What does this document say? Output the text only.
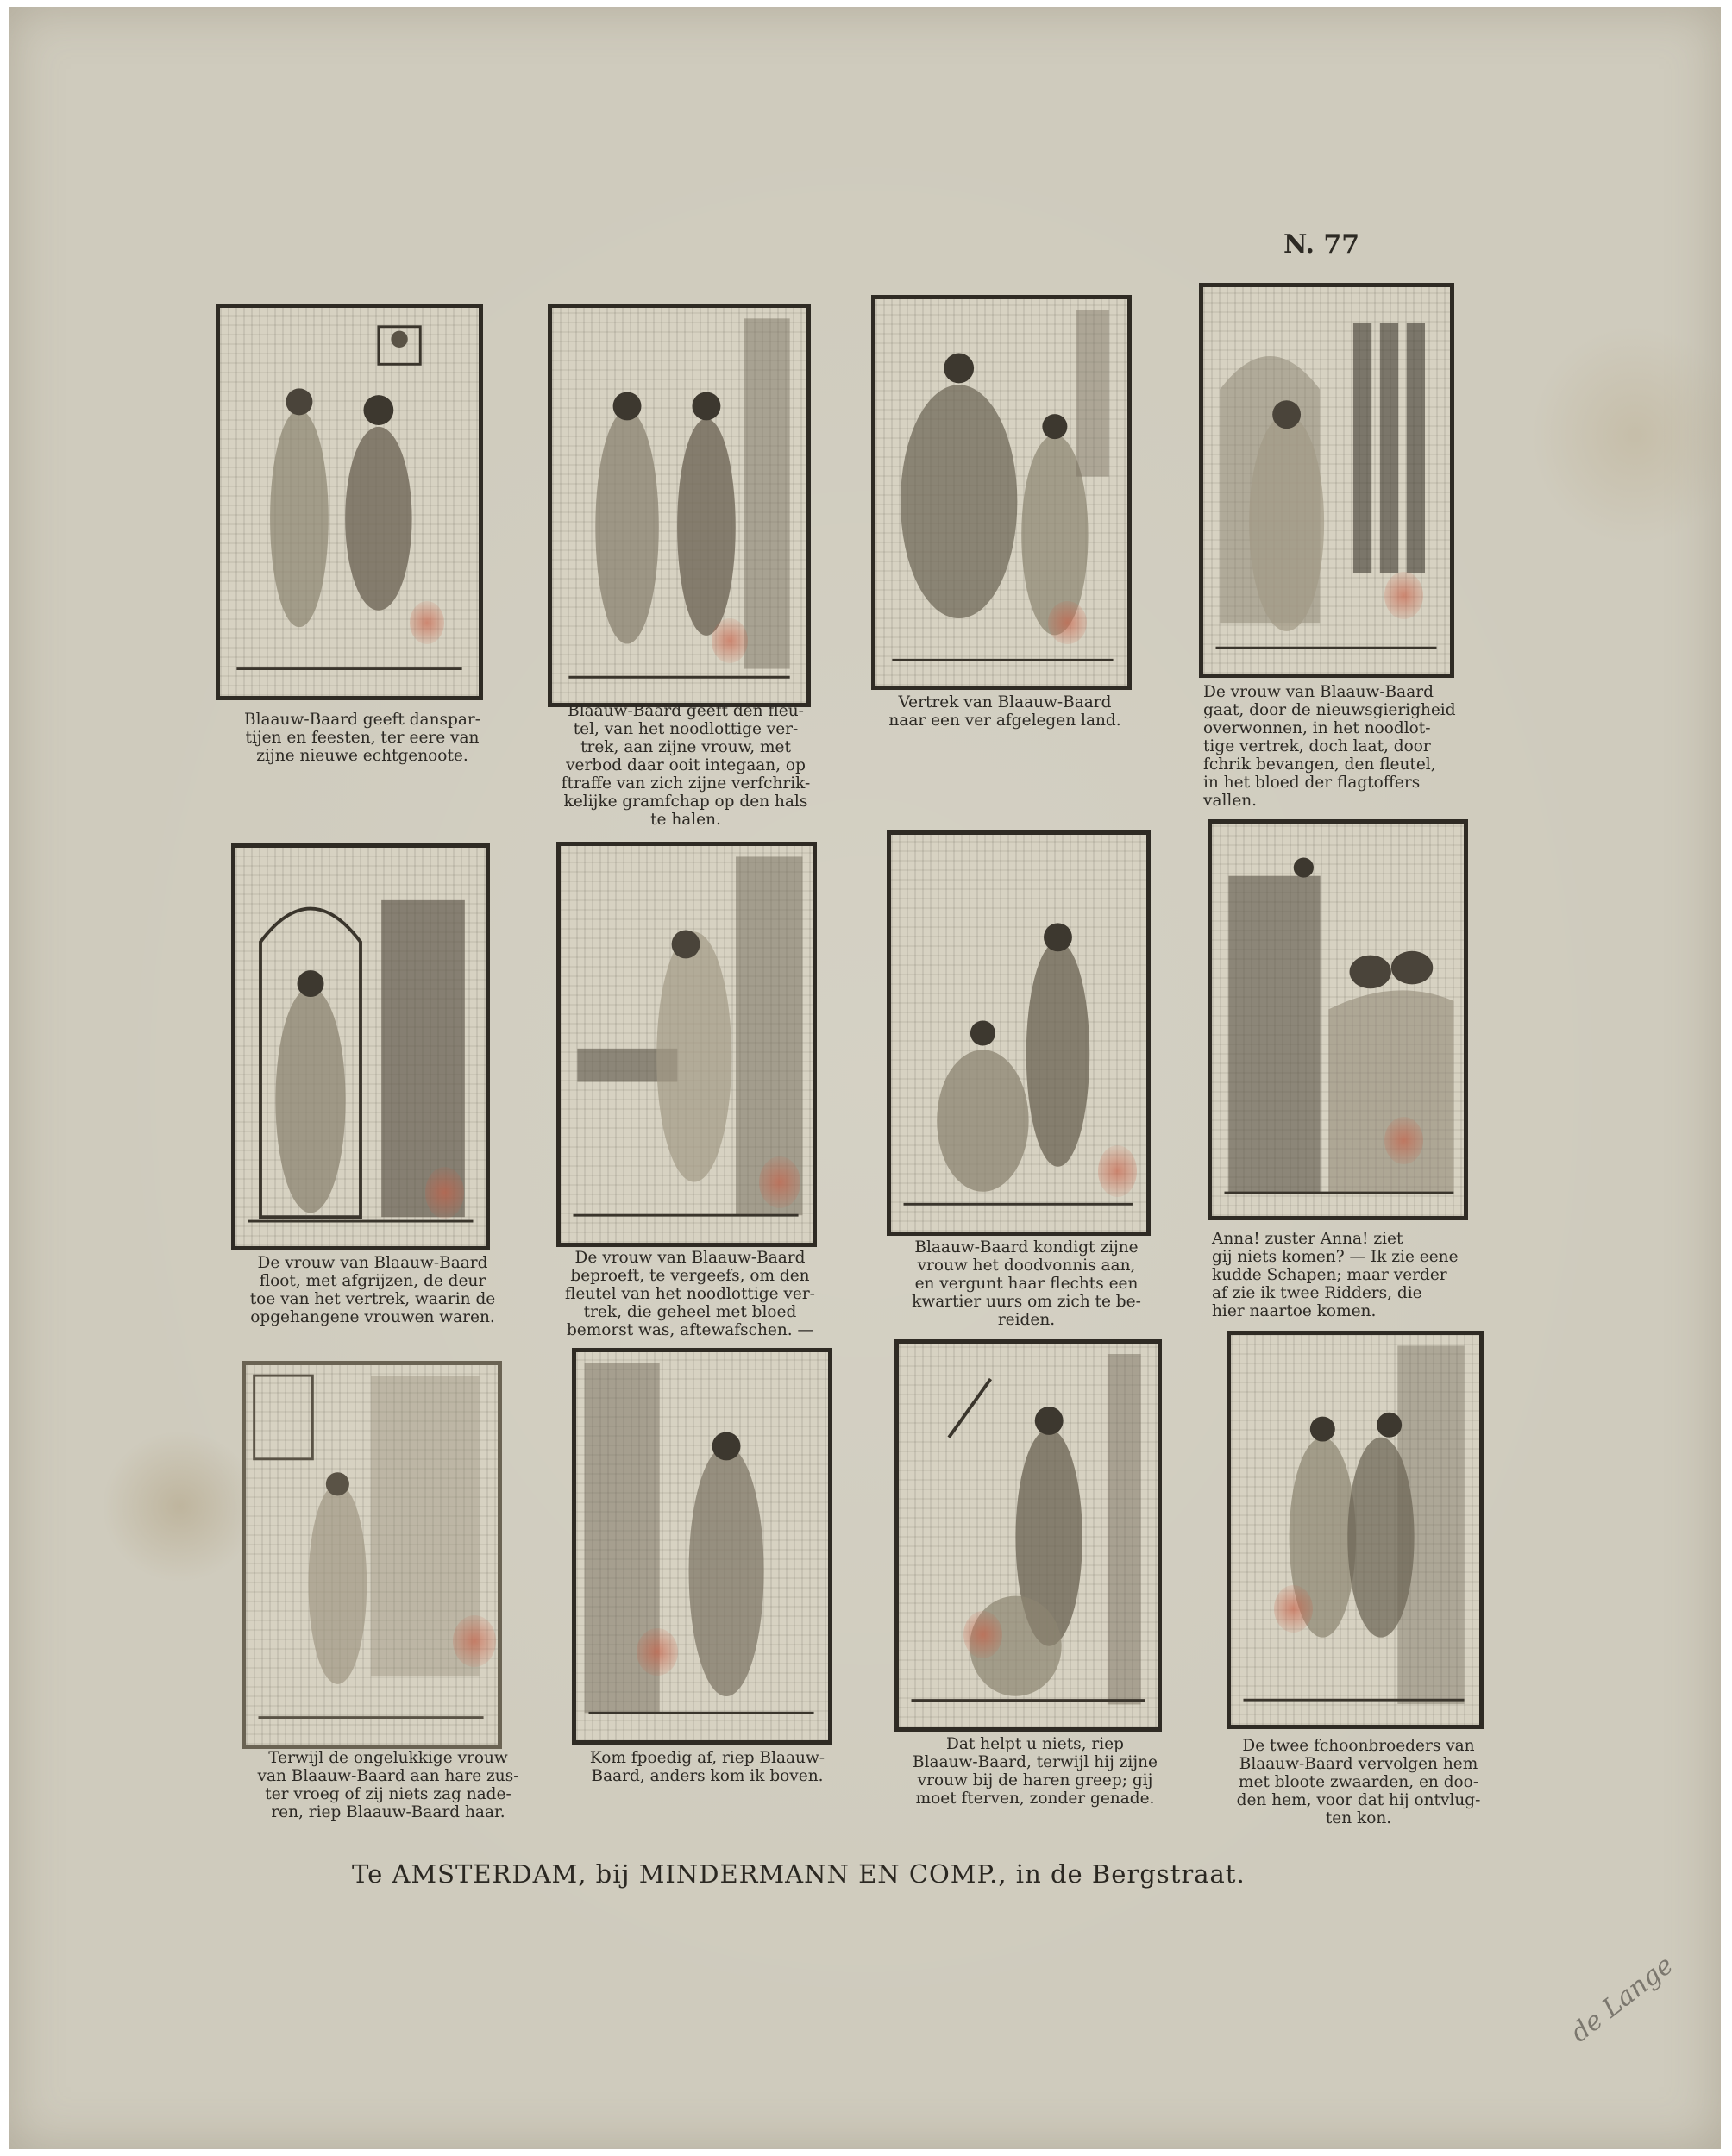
N. 77

Blaauw-Baard geeft danspar-
tijen en feesten, ter eere van
zijne nieuwe echtgenoote.

Blaauw-Baard geeft den fleu-
tel, van het noodlottige ver-
trek, aan zijne vrouw, met
verbod daar ooit integaan, op
ftraffe van zich zijne verfchrik-
kelijke gramfchap op den hals
te halen.

Vertrek van Blaauw-Baard
naar een ver afgelegen land.

De vrouw van Blaauw-Baard
gaat, door de nieuwsgierigheid
overwonnen, in het noodlot-
tige vertrek, doch laat, door
fchrik bevangen, den fleutel,
in het bloed der flagtoffers
vallen.

De vrouw van Blaauw-Baard
floot, met afgrijzen, de deur
toe van het vertrek, waarin de
opgehangene vrouwen waren.

De vrouw van Blaauw-Baard
beproeft, te vergeefs, om den
fleutel van het noodlottige ver-
trek, die geheel met bloed
bemorst was, aftewafschen. —

Blaauw-Baard kondigt zijne
vrouw het doodvonnis aan,
en vergunt haar flechts een
kwartier uurs om zich te be-
reiden.

Anna! zuster Anna! ziet
gij niets komen? — Ik zie eene
kudde Schapen; maar verder
af zie ik twee Ridders, die
hier naartoe komen.

Terwijl de ongelukkige vrouw
van Blaauw-Baard aan hare zus-
ter vroeg of zij niets zag nade-
ren, riep Blaauw-Baard haar.

Kom fpoedig af, riep Blaauw-
Baard, anders kom ik boven.

Dat helpt u niets, riep
Blaauw-Baard, terwijl hij zijne
vrouw bij de haren greep; gij
moet fterven, zonder genade.

De twee fchoonbroeders van
Blaauw-Baard vervolgen hem
met bloote zwaarden, en doo-
den hem, voor dat hij ontvlug-
ten kon.

Te AMSTERDAM, bij MINDERMANN EN COMP., in de Bergstraat.
de Lange
